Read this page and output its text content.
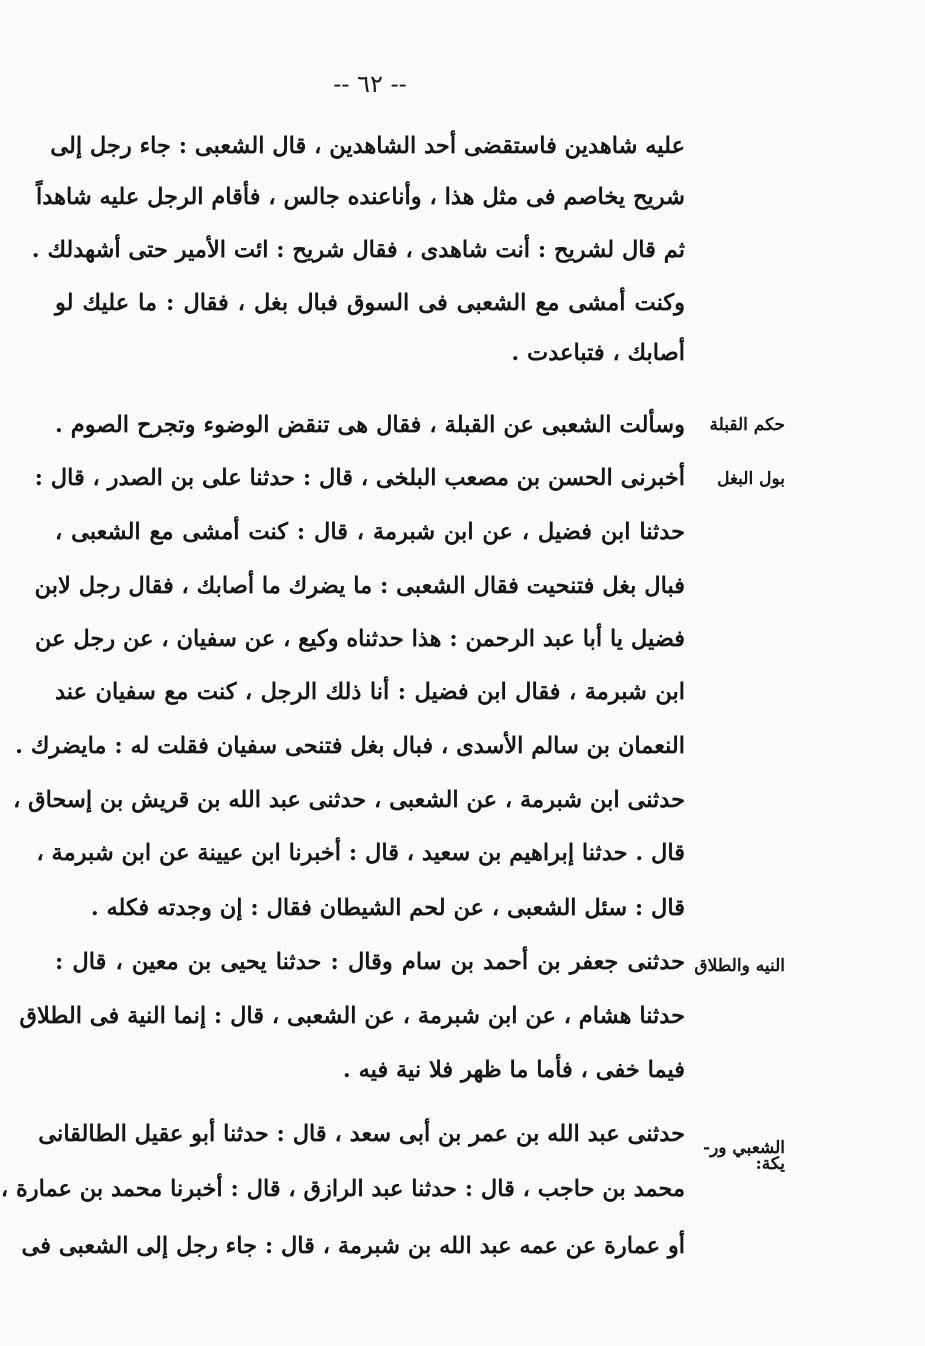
-- ٦٢ --
عليه شاهدين فاستقضى أحد الشاهدين ، قال الشعبى : جاء رجل إلى
شريح يخاصم فى مثل هذا ، وأناعنده جالس ، فأقام الرجل عليه شاهداً
ثم قال لشريح : أنت شاهدى ، فقال شريح : ائت الأمير حتى أشهدلك .
وكنت أمشى مع الشعبى فى السوق فبال بغل ، فقال : ما عليك لو
أصابك ، فتباعدت .
وسألت الشعبى عن القبلة ، فقال هى تنقض الوضوء وتجرح الصوم .
أخبرنى الحسن بن مصعب البلخى ، قال : حدثنا على بن الصدر ، قال :
حدثنا ابن فضيل ، عن ابن شبرمة ، قال : كنت أمشى مع الشعبى ،
فبال بغل فتنحيت فقال الشعبى : ما يضرك ما أصابك ، فقال رجل لابن
فضيل يا أبا عبد الرحمن : هذا حدثناه وكيع ، عن سفيان ، عن رجل عن
ابن شبرمة ، فقال ابن فضيل : أنا ذلك الرجل ، كنت مع سفيان عند
النعمان بن سالم الأسدى ، فبال بغل فتنحى سفيان فقلت له : مايضرك .
حدثنى ابن شبرمة ، عن الشعبى ، حدثنى عبد الله بن قريش بن إسحاق ،
قال . حدثنا إبراهيم بن سعيد ، قال : أخبرنا ابن عيينة عن ابن شبرمة ،
قال : سئل الشعبى ، عن لحم الشيطان فقال : إن وجدته فكله .
حدثنى جعفر بن أحمد بن سام وقال : حدثنا يحيى بن معين ، قال :
حدثنا هشام ، عن ابن شبرمة ، عن الشعبى ، قال : إنما النية فى الطلاق
فيما خفى ، فأما ما ظهر فلا نية فيه .
حدثنى عبد الله بن عمر بن أبى سعد ، قال : حدثنا أبو عقيل الطالقانى
محمد بن حاجب ، قال : حدثنا عبد الرازق ، قال : أخبرنا محمد بن عمارة ،
أو عمارة عن عمه عبد الله بن شبرمة ، قال : جاء رجل إلى الشعبى فى
حكم القبلة
بول البغل
النيه والطلاق
الشعبي ور-
يكة:
